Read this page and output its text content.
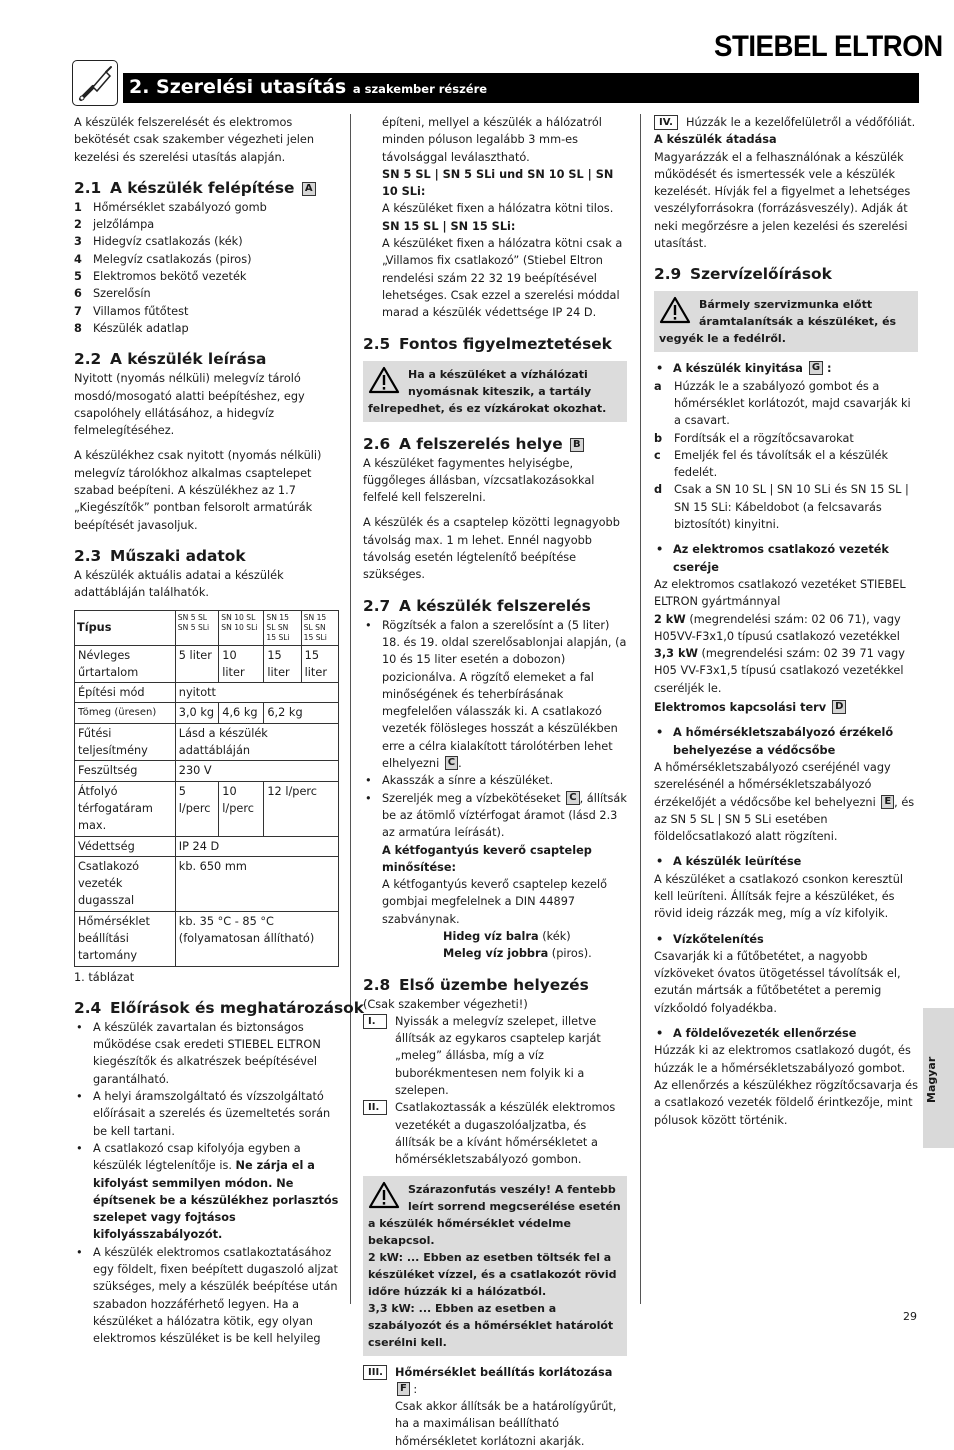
STIEBEL ELTRON
2. Szerelési utasítás a szakember részére
A készülék felszerelését és elektromos bekötését csak szakember végezheti jelen kezelési és szerelési utasítás alapján.
2.1 A készülék felépítése A
1 Hőmérséklet szabályozó gomb
2 jelzőlámpa
3 Hidegvíz csatlakozás (kék)
4 Melegvíz csatlakozás (piros)
5 Elektromos bekötő vezeték
6 Szerelősín
7 Villamos fűtőtest
8 Készülék adatlap
2.2 A készülék leírása
Nyitott (nyomás nélküli) melegvíz tároló mosdó/mosogató alatti beépítéshez, egy csapolóhely ellátásához, a hidegvíz felmelegítéséhez.
A készülékhez csak nyitott (nyomás nélküli) melegvíz tárolókhoz alkalmas csaptelepet szabad beépíteni. A készülékhez az 1.7 „Kiegészítők” pontban felsorolt armatúrák beépítését javasoljuk.
2.3 Műszaki adatok
A készülék aktuális adatai a készülék adattábláján találhatók.
Típus	SN 5 SL SN 5 SLi	SN 10 SL SN 10 SLi	SN 15 SL SN 15 SLi	SN 15 SL SN 15 SLi
Névleges űrtartalom	5 liter	10 liter	15 liter	15 liter
Építési mód	nyitott			
Tömeg (üresen)	3,0 kg	4,6 kg	6,2 kg	
Fűtési teljesítmény	Lásd a készülék adattábláján			
Feszültség	230 V			
Átfolyó térfogatáram max.	5 l/perc	10 l/perc	12 l/perc	
Védettség	IP 24 D			
Csatlakozó vezeték dugasszal	kb. 650 mm			
Hőmérséklet beállítási tartomány	kb. 35 °C - 85 °C (folyamatosan állítható)			
1. táblázat
2.4 Előírások és meghatározások
• A készülék zavartalan és biztonságos működése csak eredeti STIEBEL ELTRON kiegészítők és alkatrészek beépítésével garantálható.
• A helyi áramszolgáltató és vízszolgáltató előírásait a szerelés és üzemeltetés során be kell tartani.
• A csatlakozó csap kifolyója egyben a készülék légtelenítője is. Ne zárja el a kifolyást semmilyen módon. Ne építsenek be a készülékhez porlasztós szelepet vagy fojtásos kifolyásszabályozót.
• A készülék elektromos csatlakoztatásához egy földelt, fixen beépített dugaszoló aljzat szükséges, mely a készülék beépítése után szabadon hozzáférhető legyen. Ha a készüléket a hálózatra kötik, egy olyan elektromos készüléket is be kell helyileg
építeni, mellyel a készülék a hálózatról minden póluson legalább 3 mm-es távolsággal leválasztható.
SN 5 SL | SN 5 SLi und SN 10 SL | SN 10 SLi:
A készüléket fixen a hálózatra kötni tilos.
SN 15 SL | SN 15 SLi:
A készüléket fixen a hálózatra kötni csak a „Villamos fix csatlakozó” (Stiebel Eltron rendelési szám 22 32 19 beépítésével lehetséges. Csak ezzel a szerelési móddal marad a készülék védettsége IP 24 D.
2.5 Fontos figyelmeztetések
Ha a készüléket a vízhálózati nyomásnak kiteszik, a tartály felrepedhet, és ez vízkárokat okozhat.
2.6 A felszerelés helye B
A készüléket fagymentes helyiségbe, függőleges állásban, vízcsatlakozásokkal felfelé kell felszerelni.
A készülék és a csaptelep közötti legnagyobb távolság max. 1 m lehet. Ennél nagyobb távolság esetén légtelenítő beépítése szükséges.
2.7 A készülék felszerelés
• Rögzítsék a falon a szerelősínt a (5 liter) 18. és 19. oldal szerelősablonjai alapján, (a 10 és 15 liter esetén a dobozon) pozicionálva. A rögzítő elemeket a fal minőségének és teherbírásának megfelelően válasszák ki. A csatlakozó vezeték fölösleges hosszát a készülékben erre a célra kialakított tárolótérben lehet elhelyezni C .
• Akasszák a sínre a készüléket.
• Szereljék meg a vízbekötéseket C , állítsák be az átömlő víztérfogat áramot (lásd 2.3 az armatúra leírását).
A kétfogantyús keverő csaptelep minősítése:
A kétfogantyús keverő csaptelep kezelő gombjai megfelelnek a DIN 44897 szabványnak.
Hideg víz balra (kék)
Meleg víz jobbra (piros).
2.8 Első üzembe helyezés
(Csak szakember végezheti!)
I.	Nyissák a melegvíz szelepet, illetve állítsák az egykaros csaptelep karját „meleg” állásba, míg a víz buborékmentesen nem folyik ki a szelepen.
II.	Csatlakoztassák a készülék elektromos vezetékét a dugaszolóaljzatba, és állítsák be a kívánt hőmérsékletet a hőmérsékletszabályozó gombon.
Szárazonfutás veszély! A fentebb leírt sorrend megcserélése esetén a készülék hőmérséklet védelme bekapcsol.
2 kW: ... Ebben az esetben töltsék fel a készüléket vízzel, és a csatlakozót rövid időre húzzák ki a hálózatból.
3,3 kW: ... Ebben az esetben a szabályozót és a hőmérséklet határolót cserélni kell.
III.	Hőmérséklet beállítás korlátozása F :
Csak akkor állítsák be a határolígyűrűt, ha a maximálisan beállítható hőmérsékletet korlátozni akarják.
IV.	Húzzák le a kezelőfelületről a védőfóliát.
A készülék átadása
Magyarázzák el a felhasználónak a készülék működését és ismertessék vele a készülék kezelését. Hívják fel a figyelmet a lehetséges veszélyforrásokra (forrázásveszély). Adják át neki megőrzésre a jelen kezelési és szerelési utasítást.
2.9 Szervízelőírások
Bármely szervizmunka előtt áramtalanítsák a készüléket, és vegyék le a fedélről.
• A készülék kinyitása G :
a	Húzzák le a szabályozó gombot és a hőmérséklet korlátozót, majd csavarják ki a csavart.
b	Fordítsák el a rögzítőcsavarokat
c	Emeljék fel és távolítsák el a készülék fedelét.
d	Csak a SN 10 SL | SN 10 SLi és SN 15 SL | SN 15 SLi: Kábeldobot (a felcsavarás biztosítót) kinyitni.
• Az elektromos csatlakozó vezeték cseréje
Az elektromos csatlakozó vezetéket STIEBEL ELTRON gyártmánnyal
2 kW (megrendelési szám: 02 06 71), vagy H05VV-F3x1,0 típusú csatlakozó vezetékkel
3,3 kW (megrendelési szám: 02 39 71 vagy H05 VV-F3x1,5 típusú csatlakozó vezetékkel cseréljék le.
Elektromos kapcsolási terv D
• A hőmérsékletszabályozó érzékelő behelyezése a védőcsőbe
A hőmérsékletszabályozó cseréjénél vagy szerelésénél a hőmérsékletszabályozó érzékelőjét a védőcsőbe kel behelyezni E , és az SN 5 SL | SN 5 SLi esetében földelőcsatlakozó alatt rögzíteni.
• A készülék leürítése
A készüléket a csatlakozó csonkon keresztül kell leüríteni. Állítsák fejre a készüléket, és rövid ideig rázzák meg, míg a víz kifolyik.
• Vízkőtelenítés
Csavarják ki a fűtőbetétet, a nagyobb vízköveket óvatos ütögetéssel távolítsák el, ezután mártsák a fűtőbetétet a peremig vízkőoldó folyadékba.
• A földelővezeték ellenőrzése
Húzzák ki az elektromos csatlakozó dugót, és húzzák le a hőmérsékletszabályozó gombot. Az ellenőrzés a készülékhez rögzítőcsavarja és a csatlakozó vezeték földelő érintkezője, mint pólusok között történik.
Magyar
29
